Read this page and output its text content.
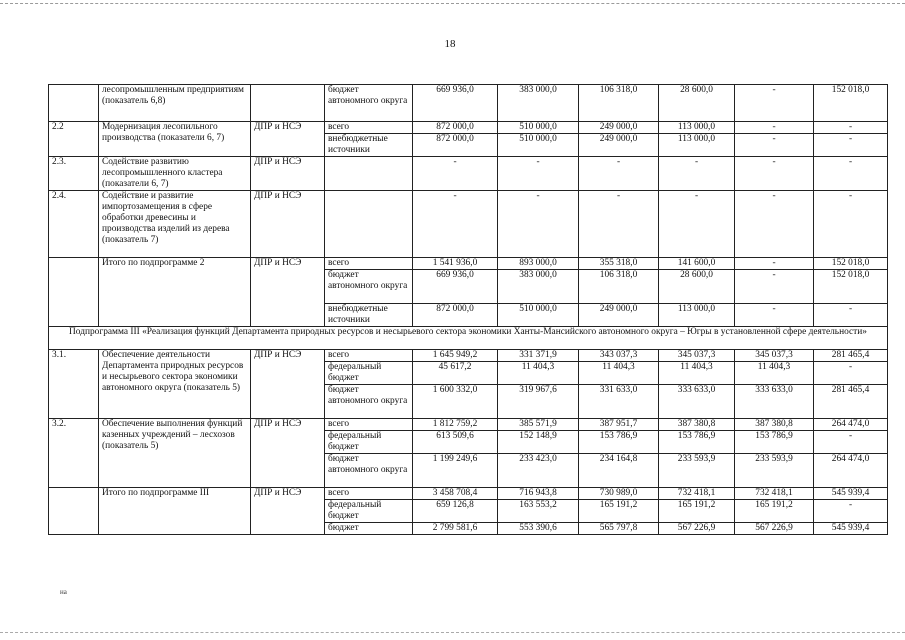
18
	лесопромышленным предприятиям (показатель 6,8)		бюджет автономного округа	669 936,0	383 000,0	106 318,0	28 600,0	-	152 018,0
2.2	Модернизация лесопильного производства (показатели 6, 7)	ДПР и НСЭ	всего	872 000,0	510 000,0	249 000,0	113 000,0	-	-
			внебюджетные источники	872 000,0	510 000,0	249 000,0	113 000,0	-	-
2.3.	Содействие развитию лесопромышленного кластера (показатели 6, 7)	ДПР и НСЭ		-	-	-	-	-	-
2.4.	Содействие и развитие импортозамещения в сфере обработки древесины и производства изделий из дерева (показатель 7)	ДПР и НСЭ		-	-	-	-	-	-
	Итого по подпрограмме 2	ДПР и НСЭ	всего	1 541 936,0	893 000,0	355 318,0	141 600,0	-	152 018,0
			бюджет автономного округа	669 936,0	383 000,0	106 318,0	28 600,0	-	152 018,0
			внебюджетные источники	872 000,0	510 000,0	249 000,0	113 000,0	-	-
Подпрограмма III «Реализация функций Департамента природных ресурсов и несырьевого сектора экономики Ханты-Мансийского автономного округа – Югры в установленной сфере деятельности»									
3.1.	Обеспечение деятельности Департамента природных ресурсов и несырьевого сектора экономики автономного округа (показатель 5)	ДПР и НСЭ	всего	1 645 949,2	331 371,9	343 037,3	345 037,3	345 037,3	281 465,4
			федеральный бюджет	45 617,2	11 404,3	11 404,3	11 404,3	11 404,3	-
			бюджет автономного округа	1 600 332,0	319 967,6	331 633,0	333 633,0	333 633,0	281 465,4
3.2.	Обеспечение выполнения функций казенных учреждений – лесхозов (показатель 5)	ДПР и НСЭ	всего	1 812 759,2	385 571,9	387 951,7	387 380,8	387 380,8	264 474,0
			федеральный бюджет	613 509,6	152 148,9	153 786,9	153 786,9	153 786,9	-
			бюджет автономного округа	1 199 249,6	233 423,0	234 164,8	233 593,9	233 593,9	264 474,0
	Итого по подпрограмме III	ДПР и НСЭ	всего	3 458 708,4	716 943,8	730 989,0	732 418,1	732 418,1	545 939,4
			федеральный бюджет	659 126,8	163 553,2	165 191,2	165 191,2	165 191,2	-
			бюджет	2 799 581,6	553 390,6	565 797,8	567 226,9	567 226,9	545 939,4
на
